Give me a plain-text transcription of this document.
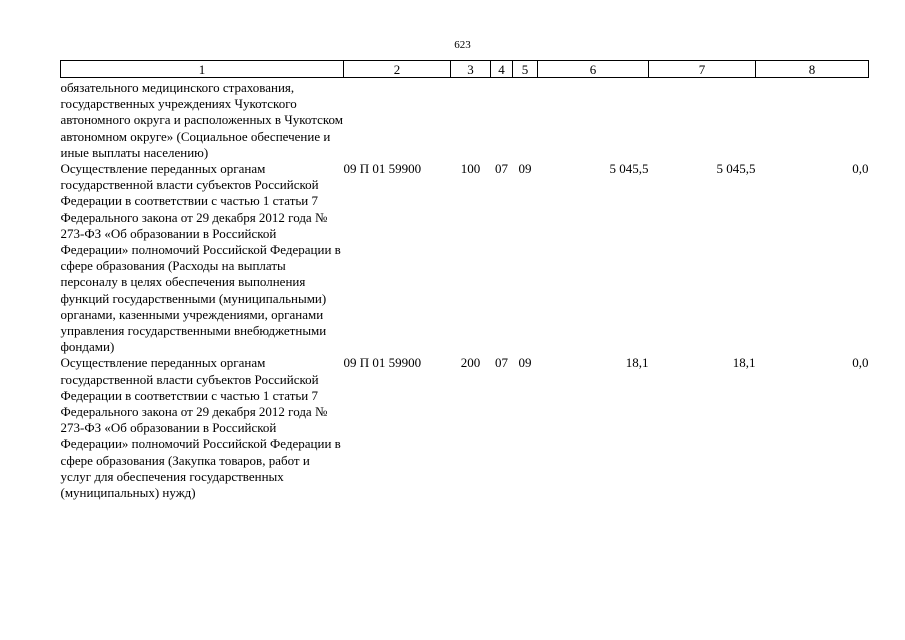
623
1	2	3	4	5	6	7	8
обязательного медицинского страхования, государственных учреждениях Чукотского автономного округа и расположенных в Чукотском автономном округе» (Социальное обеспечение и иные выплаты населению)							
Осуществление переданных органам государственной власти субъектов Российской Федерации в соответствии с частью 1 статьи 7 Федерального закона от 29 декабря 2012 года № 273-ФЗ «Об образовании в Российской Федерации» полномочий Российской Федерации в сфере образования (Расходы на выплаты персоналу в целях обеспечения выполнения функций государственными (муниципальными) органами, казенными учреждениями, органами управления государственными внебюджетными фондами)	09 П 01 59900	100	07	09	5 045,5	5 045,5	0,0
Осуществление переданных органам государственной власти субъектов Российской Федерации в соответствии с частью 1 статьи 7 Федерального закона от 29 декабря 2012 года № 273-ФЗ «Об образовании в Российской Федерации» полномочий Российской Федерации в сфере образования (Закупка товаров, работ и услуг для обеспечения государственных (муниципальных) нужд)	09 П 01 59900	200	07	09	18,1	18,1	0,0
